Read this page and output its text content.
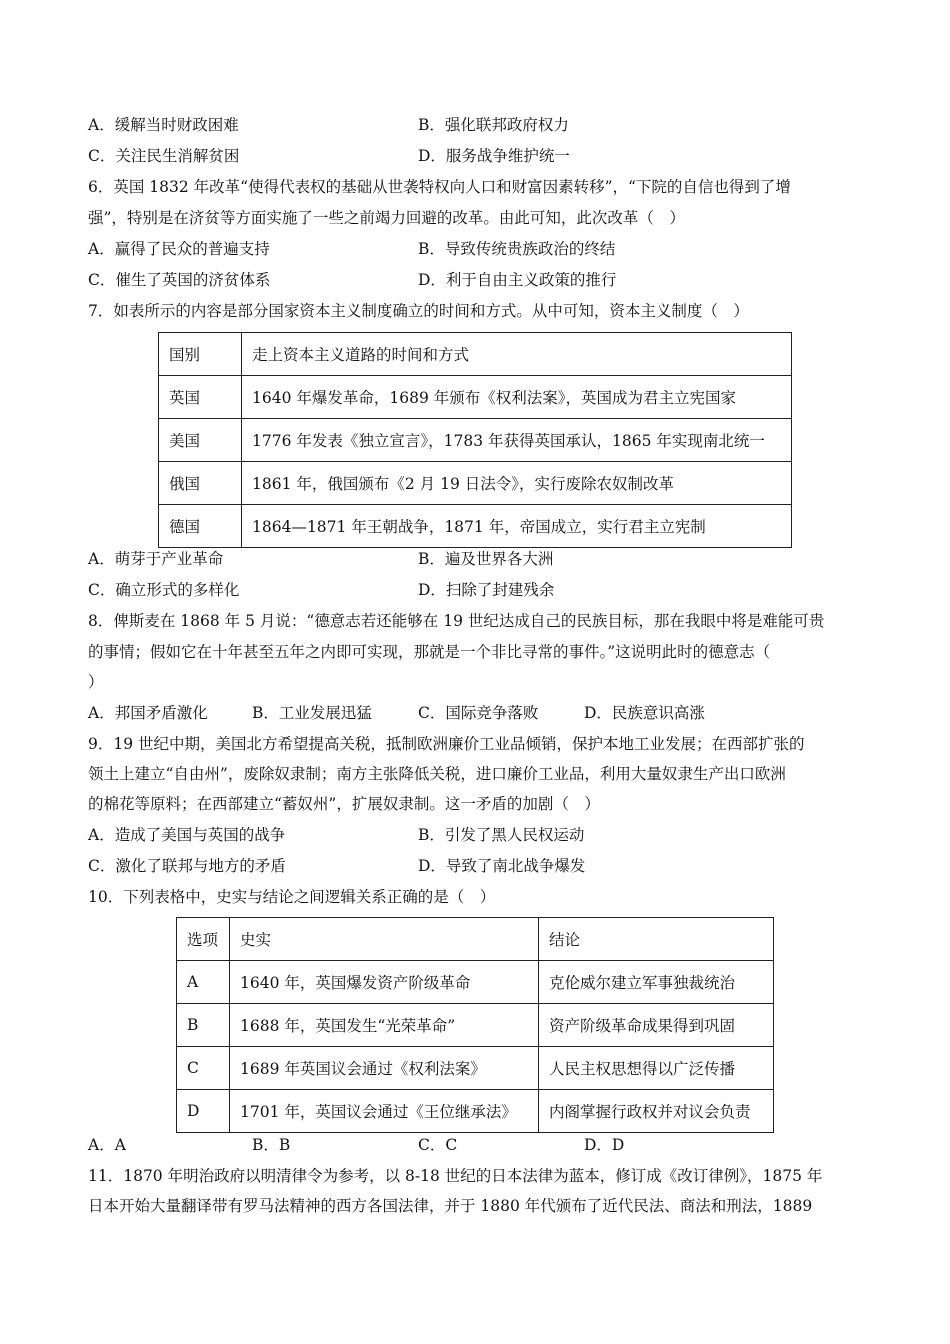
A．缓解当时财政困难	B．强化联邦政府权力
C．关注民生消解贫困	D．服务战争维护统一
6．英国 1832 年改革“使得代表权的基础从世袭特权向人口和财富因素转移”，“下院的自信也得到了增
强”，特别是在济贫等方面实施了一些之前竭力回避的改革。由此可知，此次改革（　）
A．赢得了民众的普遍支持	B．导致传统贵族政治的终结
C．催生了英国的济贫体系	D．利于自由主义政策的推行
7．如表所示的内容是部分国家资本主义制度确立的时间和方式。从中可知，资本主义制度（　）
国别	走上资本主义道路的时间和方式
英国	1640 年爆发革命，1689 年颁布《权利法案》，英国成为君主立宪国家
美国	1776 年发表《独立宣言》，1783 年获得英国承认，1865 年实现南北统一
俄国	1861 年，俄国颁布《2 月 19 日法令》，实行废除农奴制改革
德国	1864—1871 年王朝战争，1871 年，帝国成立，实行君主立宪制
A．萌芽于产业革命	B．遍及世界各大洲
C．确立形式的多样化	D．扫除了封建残余
8．俾斯麦在 1868 年 5 月说：“德意志若还能够在 19 世纪达成自己的民族目标，那在我眼中将是难能可贵
的事情；假如它在十年甚至五年之内即可实现，那就是一个非比寻常的事件。”这说明此时的德意志（
）
A．邦国矛盾激化	B．工业发展迅猛	C．国际竞争落败	D．民族意识高涨
9．19 世纪中期，美国北方希望提高关税，抵制欧洲廉价工业品倾销，保护本地工业发展；在西部扩张的
领土上建立“自由州”，废除奴隶制；南方主张降低关税，进口廉价工业品，利用大量奴隶生产出口欧洲
的棉花等原料；在西部建立“蓄奴州”，扩展奴隶制。这一矛盾的加剧（　）
A．造成了美国与英国的战争	B．引发了黑人民权运动
C．激化了联邦与地方的矛盾	D．导致了南北战争爆发
10．下列表格中，史实与结论之间逻辑关系正确的是（　）
选项	史实	结论
A	1640 年，英国爆发资产阶级革命	克伦威尔建立军事独裁统治
B	1688 年，英国发生“光荣革命”	资产阶级革命成果得到巩固
C	1689 年英国议会通过《权利法案》	人民主权思想得以广泛传播
D	1701 年，英国议会通过《王位继承法》	内阁掌握行政权并对议会负责
A．A	B．B	C．C	D．D
11．1870 年明治政府以明清律令为参考，以 8-18 世纪的日本法律为蓝本，修订成《改订律例》，1875 年
日本开始大量翻译带有罗马法精神的西方各国法律，并于 1880 年代颁布了近代民法、商法和刑法，1889
